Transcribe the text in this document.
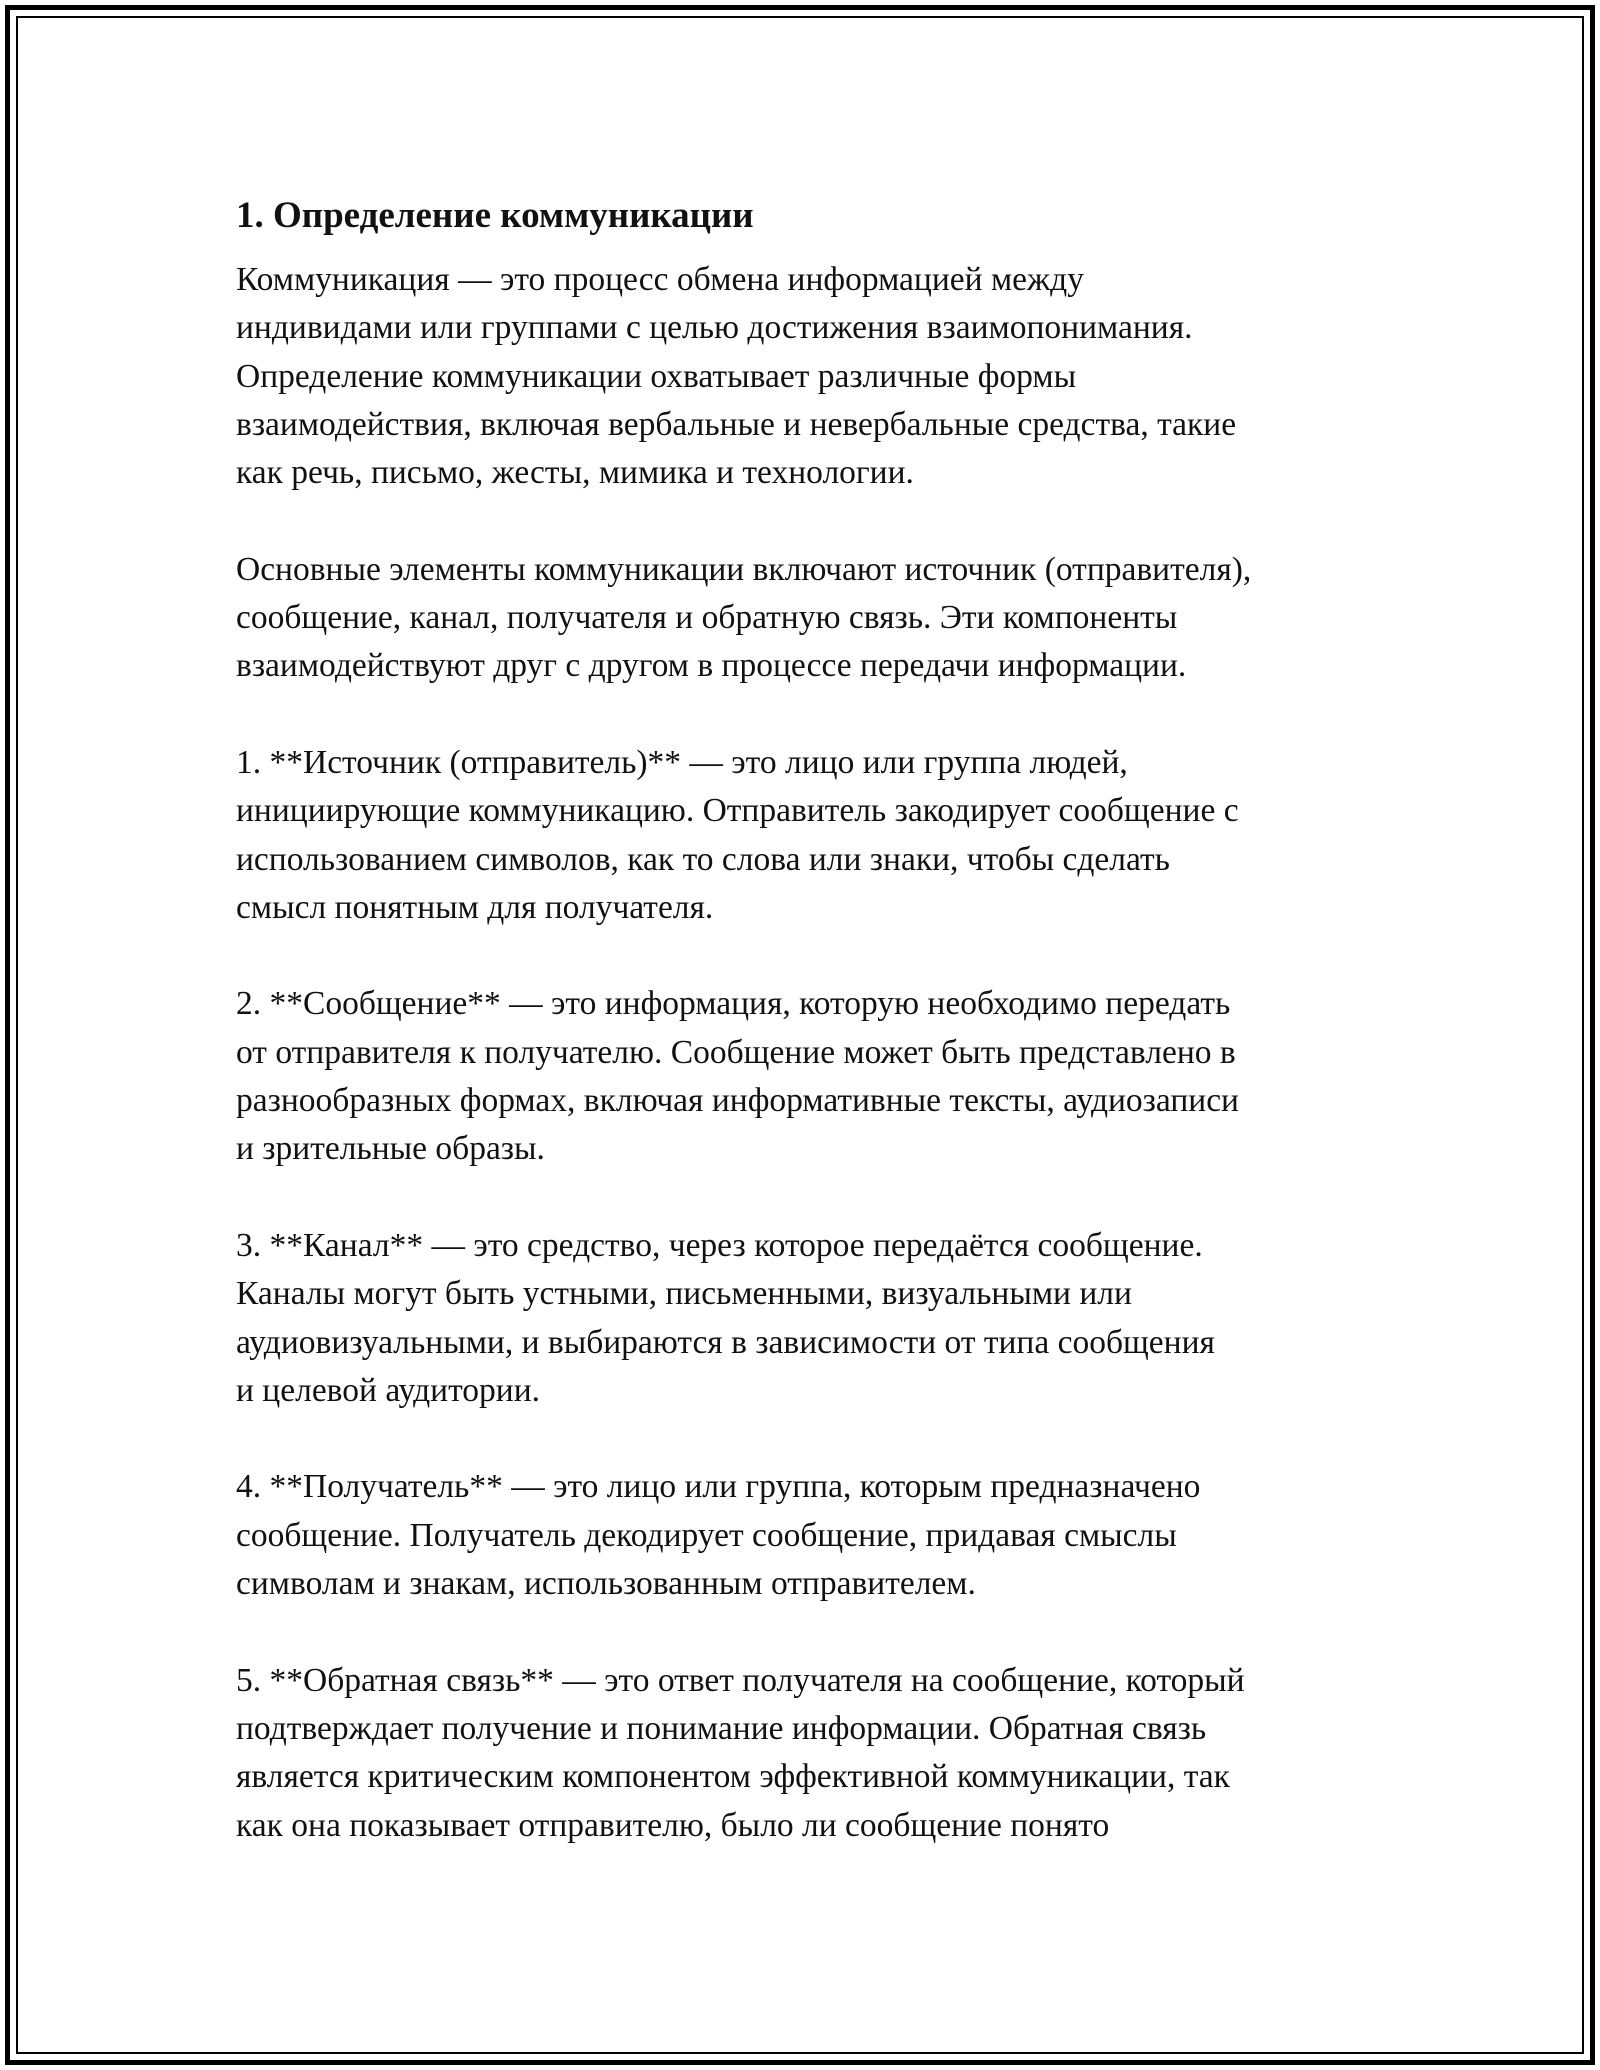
1. Определение коммуникации

Коммуникация — это процесс обмена информацией между
индивидами или группами с целью достижения взаимопонимания.
Определение коммуникации охватывает различные формы
взаимодействия, включая вербальные и невербальные средства, такие
как речь, письмо, жесты, мимика и технологии.

Основные элементы коммуникации включают источник (отправителя),
сообщение, канал, получателя и обратную связь. Эти компоненты
взаимодействуют друг с другом в процессе передачи информации.

1. **Источник (отправитель)** — это лицо или группа людей,
инициирующие коммуникацию. Отправитель закодирует сообщение с
использованием символов, как то слова или знаки, чтобы сделать
смысл понятным для получателя.

2. **Сообщение** — это информация, которую необходимо передать
от отправителя к получателю. Сообщение может быть представлено в
разнообразных формах, включая информативные тексты, аудиозаписи
и зрительные образы.

3. **Канал** — это средство, через которое передаётся сообщение.
Каналы могут быть устными, письменными, визуальными или
аудиовизуальными, и выбираются в зависимости от типа сообщения
и целевой аудитории.

4. **Получатель** — это лицо или группа, которым предназначено
сообщение. Получатель декодирует сообщение, придавая смыслы
символам и знакам, использованным отправителем.

5. **Обратная связь** — это ответ получателя на сообщение, который
подтверждает получение и понимание информации. Обратная связь
является критическим компонентом эффективной коммуникации, так
как она показывает отправителю, было ли сообщение понято
